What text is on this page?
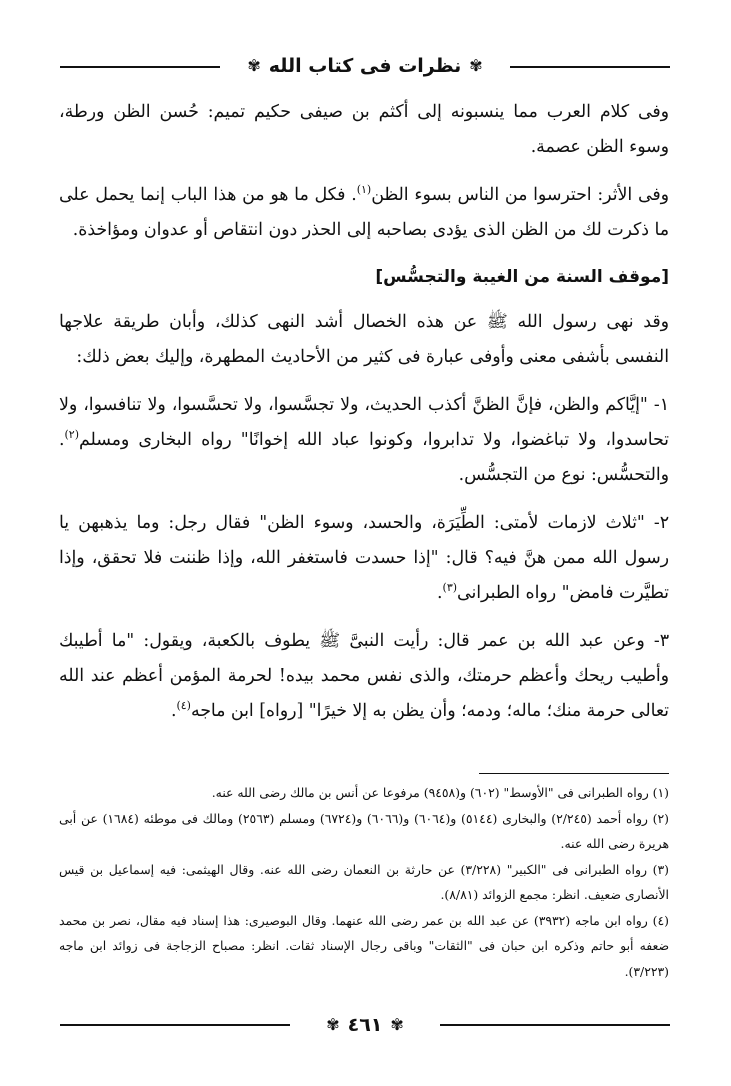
✾
نظرات فى كتاب الله
✾

وفى كلام العرب مما ينسبونه إلى أكثم بن صيفى حكيم تميم: حُسن الظن ورطة، وسوء الظن عصمة.

وفى الأثر: احترسوا من الناس بسوء الظن$^{(١)}$. فكل ما هو من هذا الباب إنما يحمل على ما ذكرت لك من الظن الذى يؤدى بصاحبه إلى الحذر دون انتقاص أو عدوان ومؤاخذة.

[موقف السنة من الغيبة والتجسُّس]

وقد نهى رسول الله ﷺ عن هذه الخصال أشد النهى كذلك، وأبان طريقة علاجها النفسى بأشفى معنى وأوفى عبارة فى كثير من الأحاديث المطهرة، وإليك بعض ذلك:

١- "إيَّاكم والظن، فإنَّ الظنَّ أكذب الحديث، ولا تجسَّسوا، ولا تحسَّسوا، ولا تنافسوا، ولا تحاسدوا، ولا تباغضوا، ولا تدابروا، وكونوا عباد الله إخوانًا" رواه البخارى ومسلم$^{(٢)}$. والتحسُّس: نوع من التجسُّس.

٢- "ثلاث لازمات لأمتى: الطِّيَرَة، والحسد، وسوء الظن" فقال رجل: وما يذهبهن يا رسول الله ممن هنَّ فيه؟ قال: "إذا حسدت فاستغفر الله، وإذا ظننت فلا تحقق، وإذا تطيَّرت فامض" رواه الطبرانى$^{(٣)}$.

٣- وعن عبد الله بن عمر قال: رأيت النبىَّ ﷺ يطوف بالكعبة، ويقول: "ما أطيبك وأطيب ريحك وأعظم حرمتك، والذى نفس محمد بيده! لحرمة المؤمن أعظم عند الله تعالى حرمة منك؛ ماله؛ ودمه؛ وأن يظن به إلا خيرًا" [رواه] ابن ماجه$^{(٤)}$.

(١) رواه الطبرانى فى "الأوسط" (٦٠٢) و(٩٤٥٨) مرفوعا عن أنس بن مالك رضى الله عنه.

(٢) رواه أحمد (٢/٢٤٥) والبخارى (٥١٤٤) و(٦٠٦٤) و(٦٠٦٦) و(٦٧٢٤) ومسلم (٢٥٦٣) ومالك فى موطئه (١٦٨٤) عن أبى هريرة رضى الله عنه.

(٣) رواه الطبرانى فى "الكبير" (٣/٢٢٨) عن حارثة بن النعمان رضى الله عنه. وقال الهيثمى: فيه إسماعيل بن قيس الأنصارى ضعيف. انظر: مجمع الزوائد (٨/٨١).

(٤) رواه ابن ماجه (٣٩٣٢) عن عبد الله بن عمر رضى الله عنهما. وقال البوصيرى: هذا إسناد فيه مقال، نصر بن محمد ضعفه أبو حاتم وذكره ابن حبان فى "الثقات" وباقى رجال الإسناد ثقات. انظر: مصباح الزجاجة فى زوائد ابن ماجه (٣/٢٢٣).

✾
٤٦١
✾
